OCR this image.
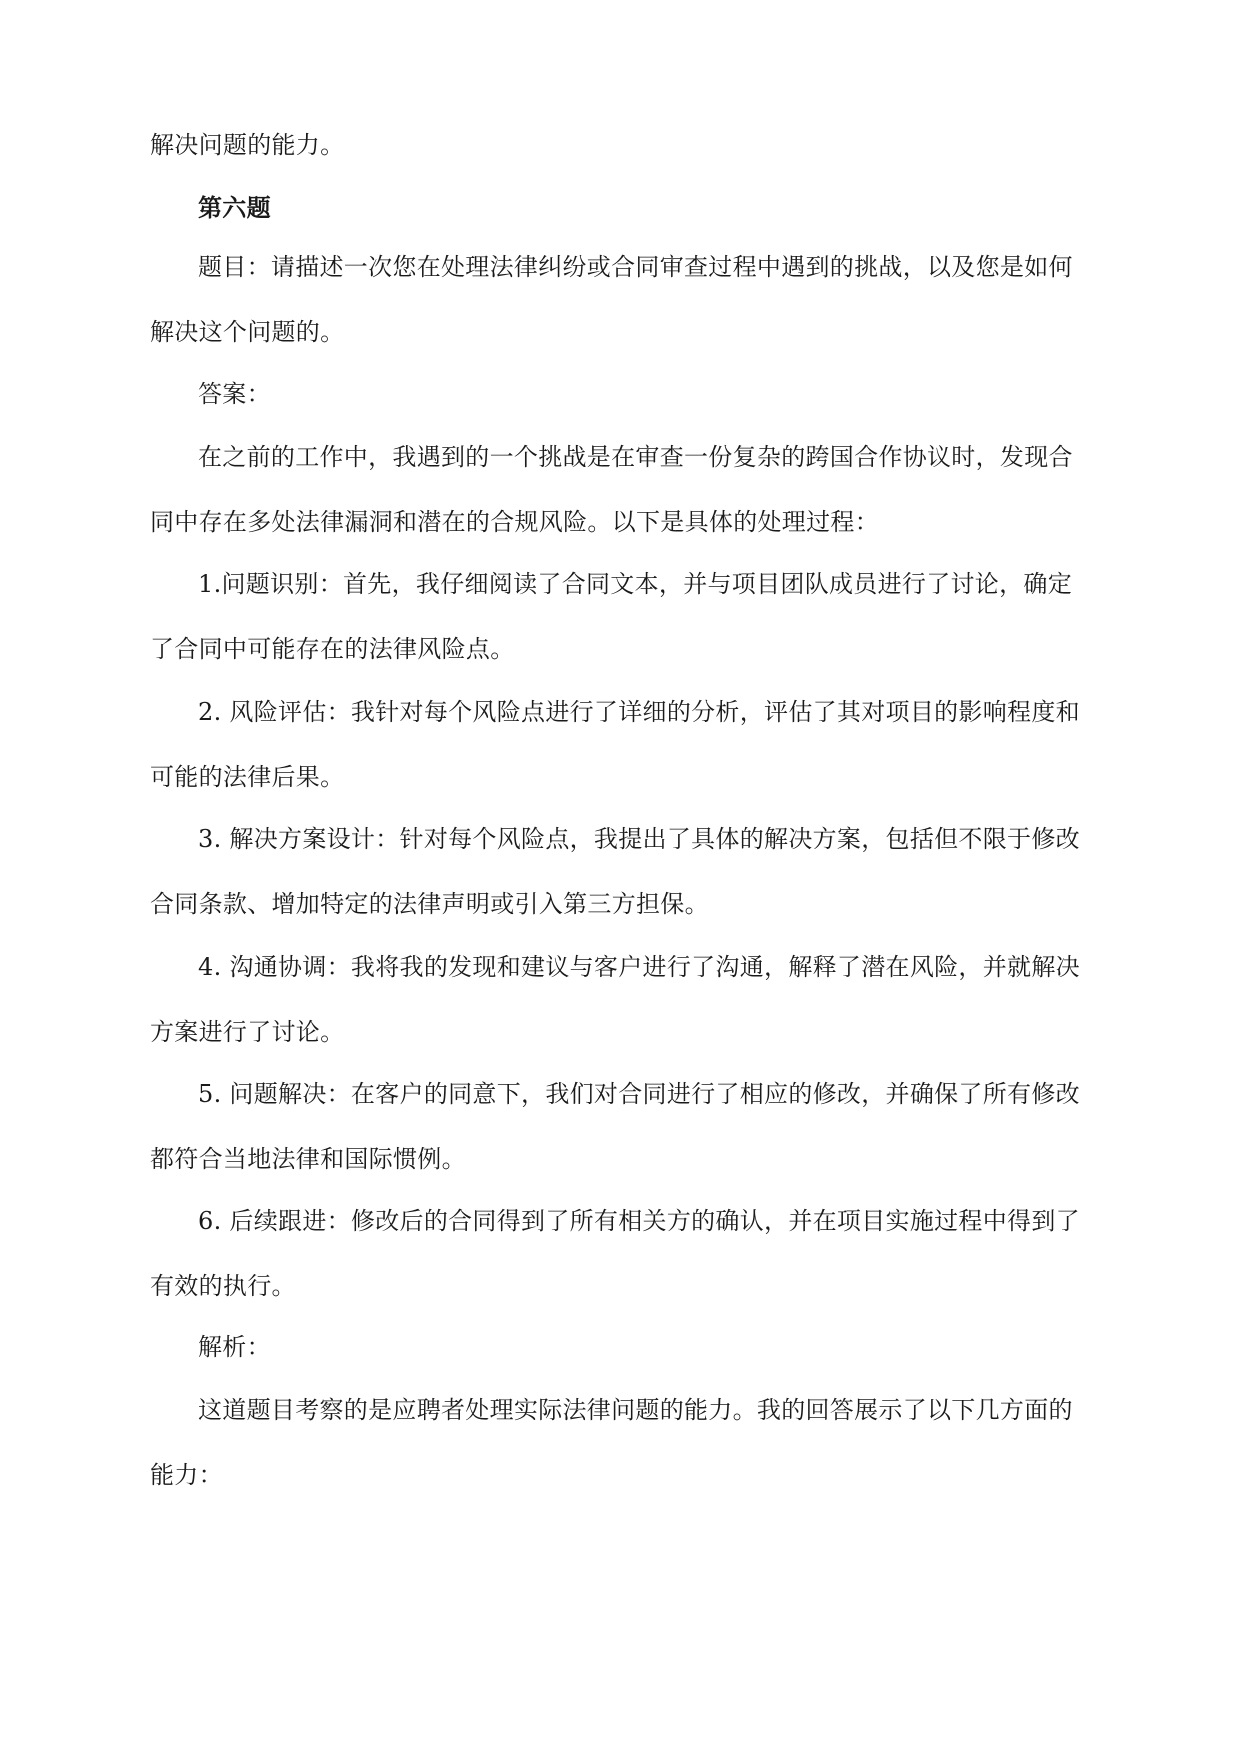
解决问题的能力。

第六题

题目：请描述一次您在处理法律纠纷或合同审查过程中遇到的挑战，以及您是如何解决这个问题的。

答案：

在之前的工作中，我遇到的一个挑战是在审查一份复杂的跨国合作协议时，发现合同中存在多处法律漏洞和潜在的合规风险。以下是具体的处理过程：

1.问题识别：首先，我仔细阅读了合同文本，并与项目团队成员进行了讨论，确定了合同中可能存在的法律风险点。

2. 风险评估：我针对每个风险点进行了详细的分析，评估了其对项目的影响程度和可能的法律后果。

3. 解决方案设计：针对每个风险点，我提出了具体的解决方案，包括但不限于修改合同条款、增加特定的法律声明或引入第三方担保。

4. 沟通协调：我将我的发现和建议与客户进行了沟通，解释了潜在风险，并就解决方案进行了讨论。

5. 问题解决：在客户的同意下，我们对合同进行了相应的修改，并确保了所有修改都符合当地法律和国际惯例。

6. 后续跟进：修改后的合同得到了所有相关方的确认，并在项目实施过程中得到了有效的执行。

解析：

这道题目考察的是应聘者处理实际法律问题的能力。我的回答展示了以下几方面的能力：
